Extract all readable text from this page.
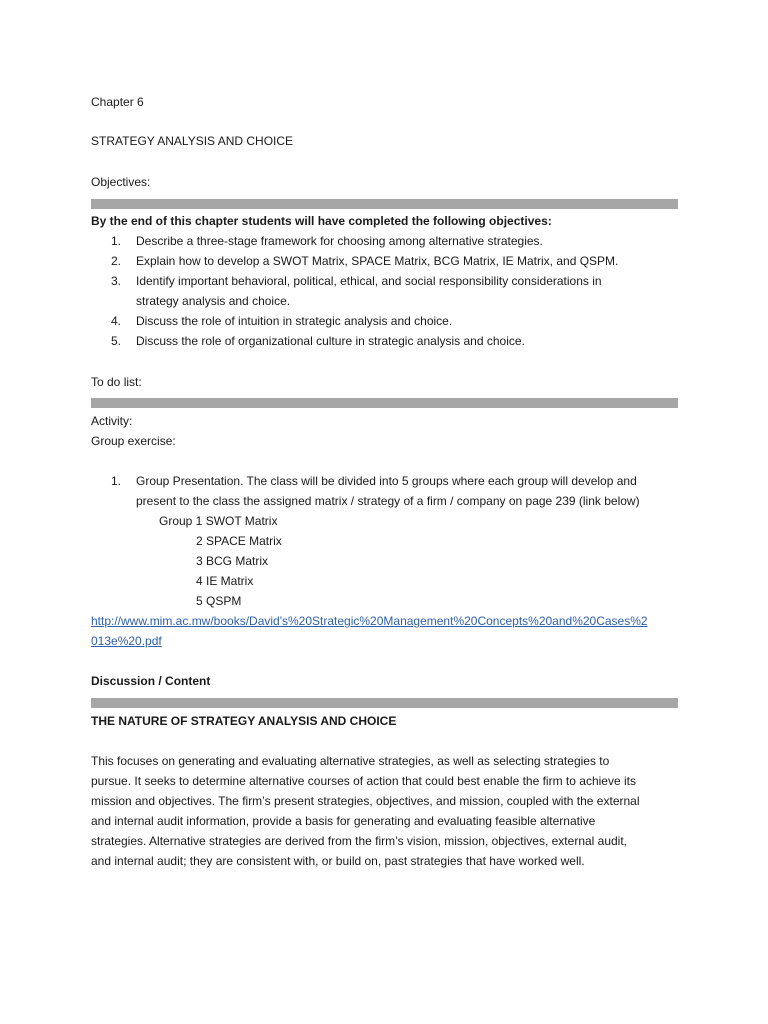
Chapter 6
STRATEGY ANALYSIS AND CHOICE
Objectives:
By the end of this chapter students will have completed the following objectives:
1.	Describe a three-stage framework for choosing among alternative strategies.
2.	Explain how to develop a SWOT Matrix, SPACE Matrix, BCG Matrix, IE Matrix, and QSPM.
3.	Identify important behavioral, political, ethical, and social responsibility considerations in
strategy analysis and choice.
4.	Discuss the role of intuition in strategic analysis and choice.
5.	Discuss the role of organizational culture in strategic analysis and choice.
To do list:
Activity:
Group exercise:
1.	Group Presentation. The class will be divided into 5 groups where each group will develop and
present to the class the assigned matrix / strategy of a firm / company on page 239 (link below)
Group 1 SWOT Matrix
2 SPACE Matrix
3 BCG Matrix
4 IE Matrix
5 QSPM
http://www.mim.ac.mw/books/David's%20Strategic%20Management%20Concepts%20and%20Cases%2
013e%20.pdf
Discussion / Content
THE NATURE OF STRATEGY ANALYSIS AND CHOICE
This focuses on generating and evaluating alternative strategies, as well as selecting strategies to
pursue. It seeks to determine alternative courses of action that could best enable the firm to achieve its
mission and objectives. The firm’s present strategies, objectives, and mission, coupled with the external
and internal audit information, provide a basis for generating and evaluating feasible alternative
strategies. Alternative strategies are derived from the firm’s vision, mission, objectives, external audit,
and internal audit; they are consistent with, or build on, past strategies that have worked well.
